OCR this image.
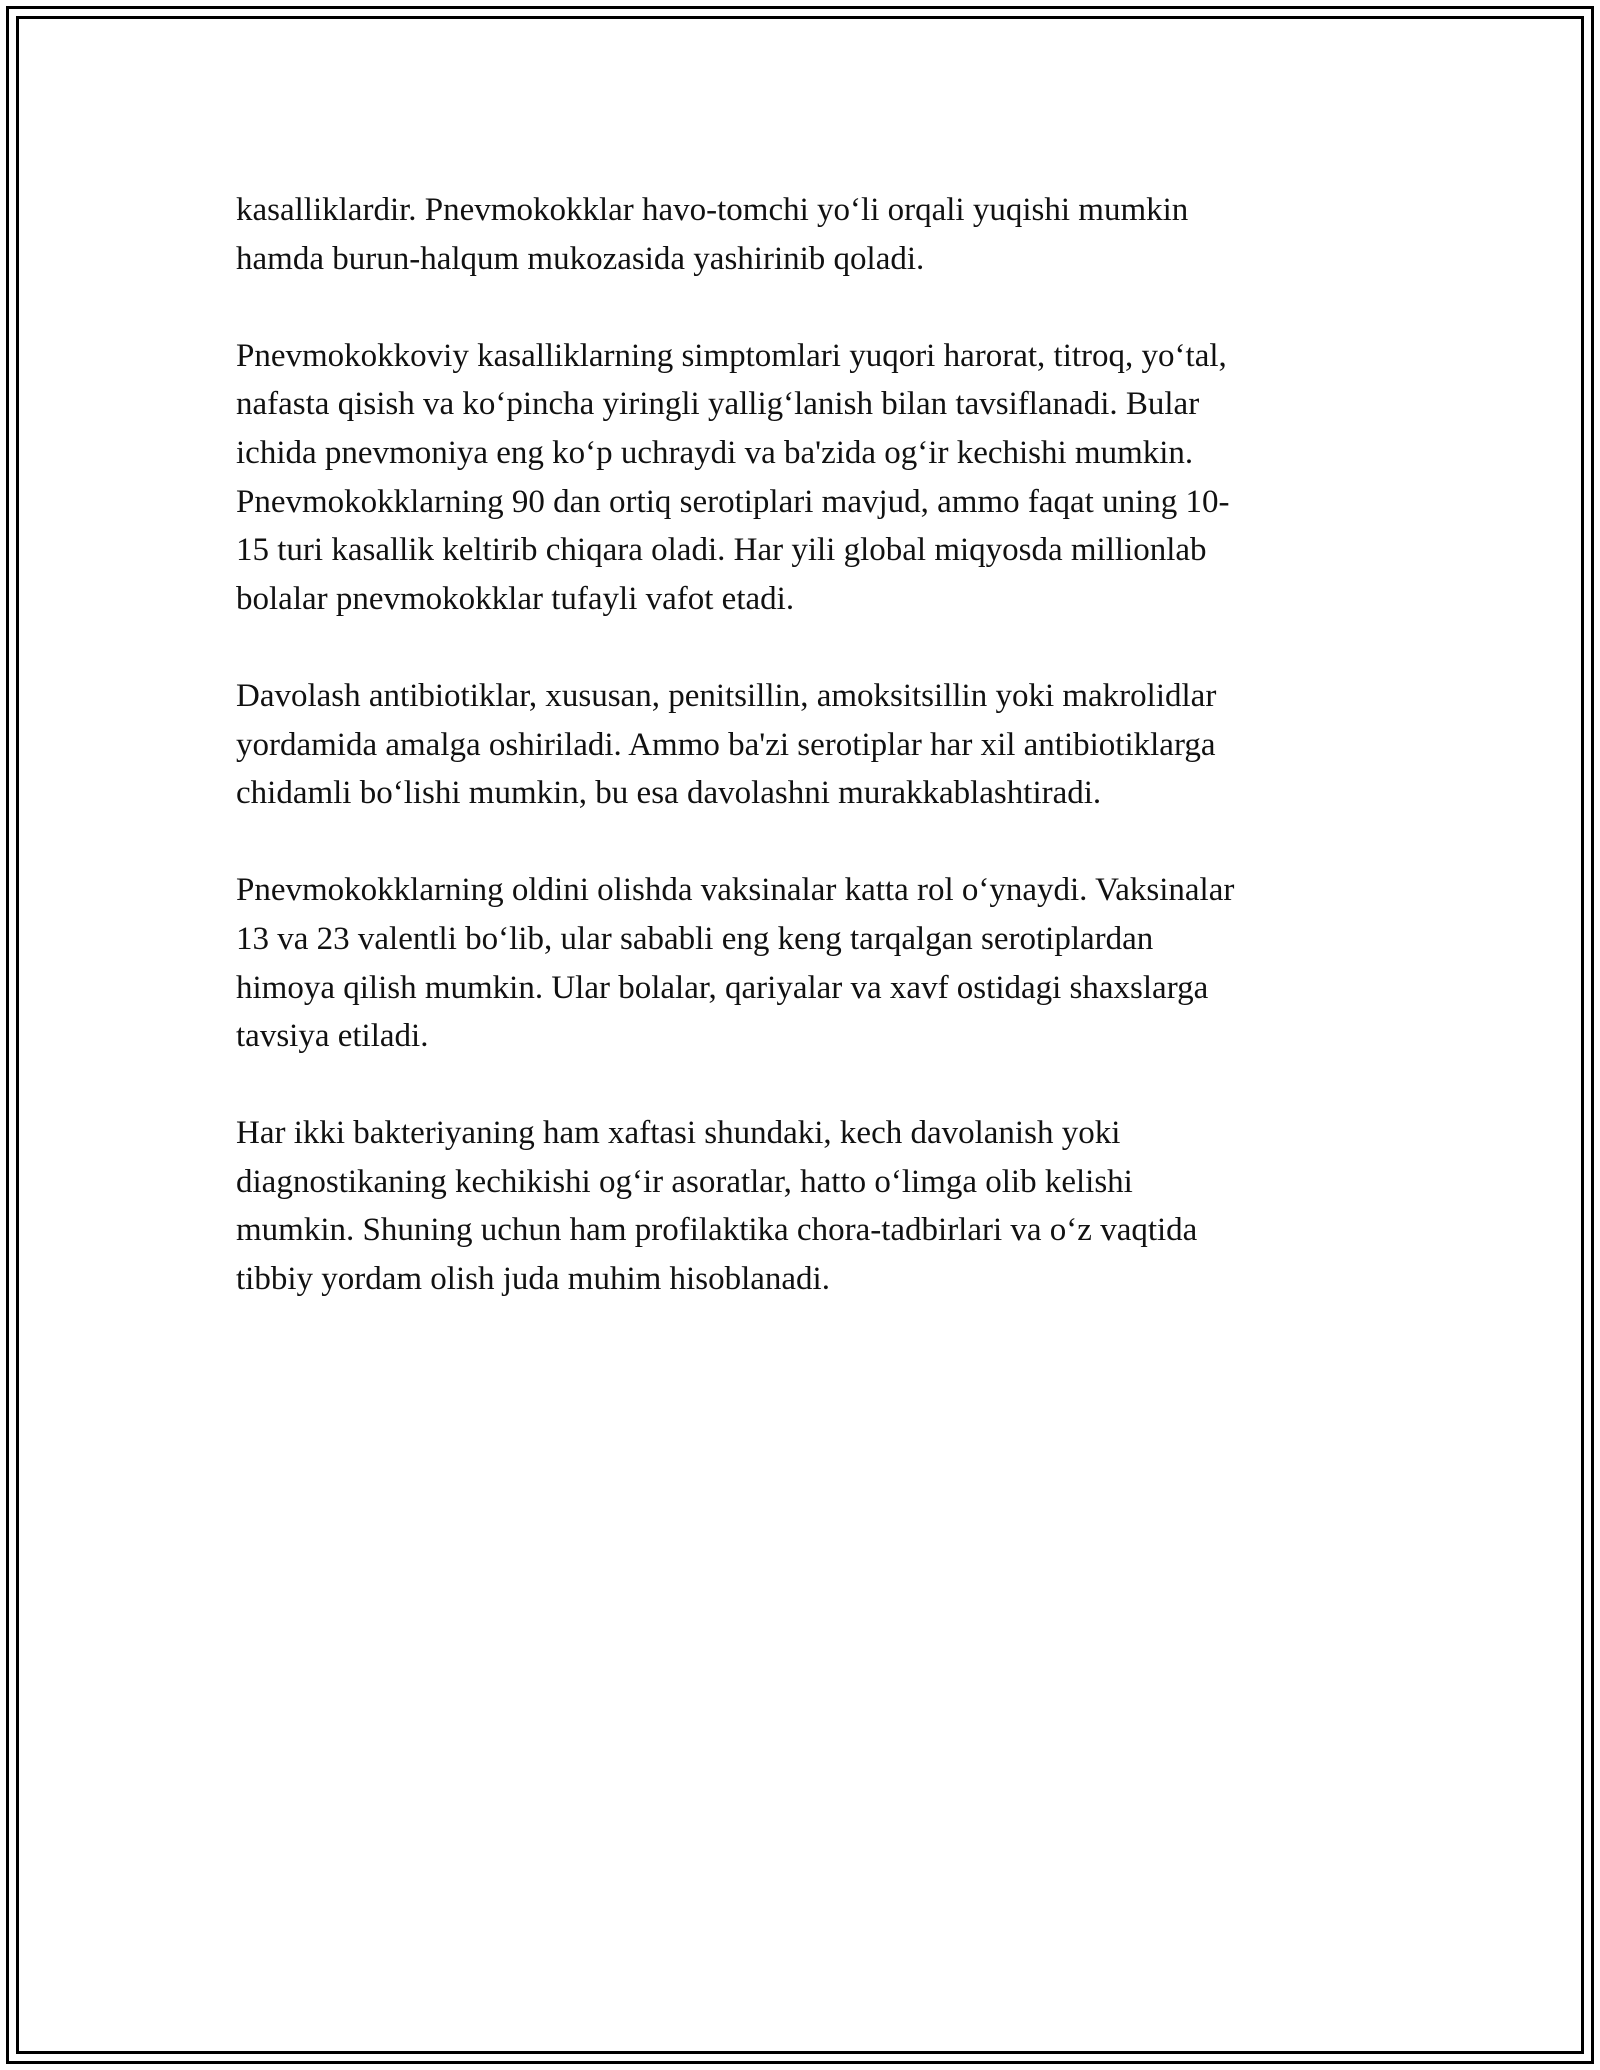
kasalliklardir. Pnevmokokklar havo-tomchi yo‘li orqali yuqishi mumkin
hamda burun-halqum mukozasida yashirinib qoladi.

Pnevmokokkoviy kasalliklarning simptomlari yuqori harorat, titroq, yo‘tal,
nafasta qisish va ko‘pincha yiringli yallig‘lanish bilan tavsiflanadi. Bular
ichida pnevmoniya eng ko‘p uchraydi va ba'zida og‘ir kechishi mumkin.
Pnevmokokklarning 90 dan ortiq serotiplari mavjud, ammo faqat uning 10-
15 turi kasallik keltirib chiqara oladi. Har yili global miqyosda millionlab
bolalar pnevmokokklar tufayli vafot etadi.

Davolash antibiotiklar, xususan, penitsillin, amoksitsillin yoki makrolidlar
yordamida amalga oshiriladi. Ammo ba'zi serotiplar har xil antibiotiklarga
chidamli bo‘lishi mumkin, bu esa davolashni murakkablashtiradi.

Pnevmokokklarning oldini olishda vaksinalar katta rol o‘ynaydi. Vaksinalar
13 va 23 valentli bo‘lib, ular sababli eng keng tarqalgan serotiplardan
himoya qilish mumkin. Ular bolalar, qariyalar va xavf ostidagi shaxslarga
tavsiya etiladi.

Har ikki bakteriyaning ham xaftasi shundaki, kech davolanish yoki
diagnostikaning kechikishi og‘ir asoratlar, hatto o‘limga olib kelishi
mumkin. Shuning uchun ham profilaktika chora-tadbirlari va o‘z vaqtida
tibbiy yordam olish juda muhim hisoblanadi.
